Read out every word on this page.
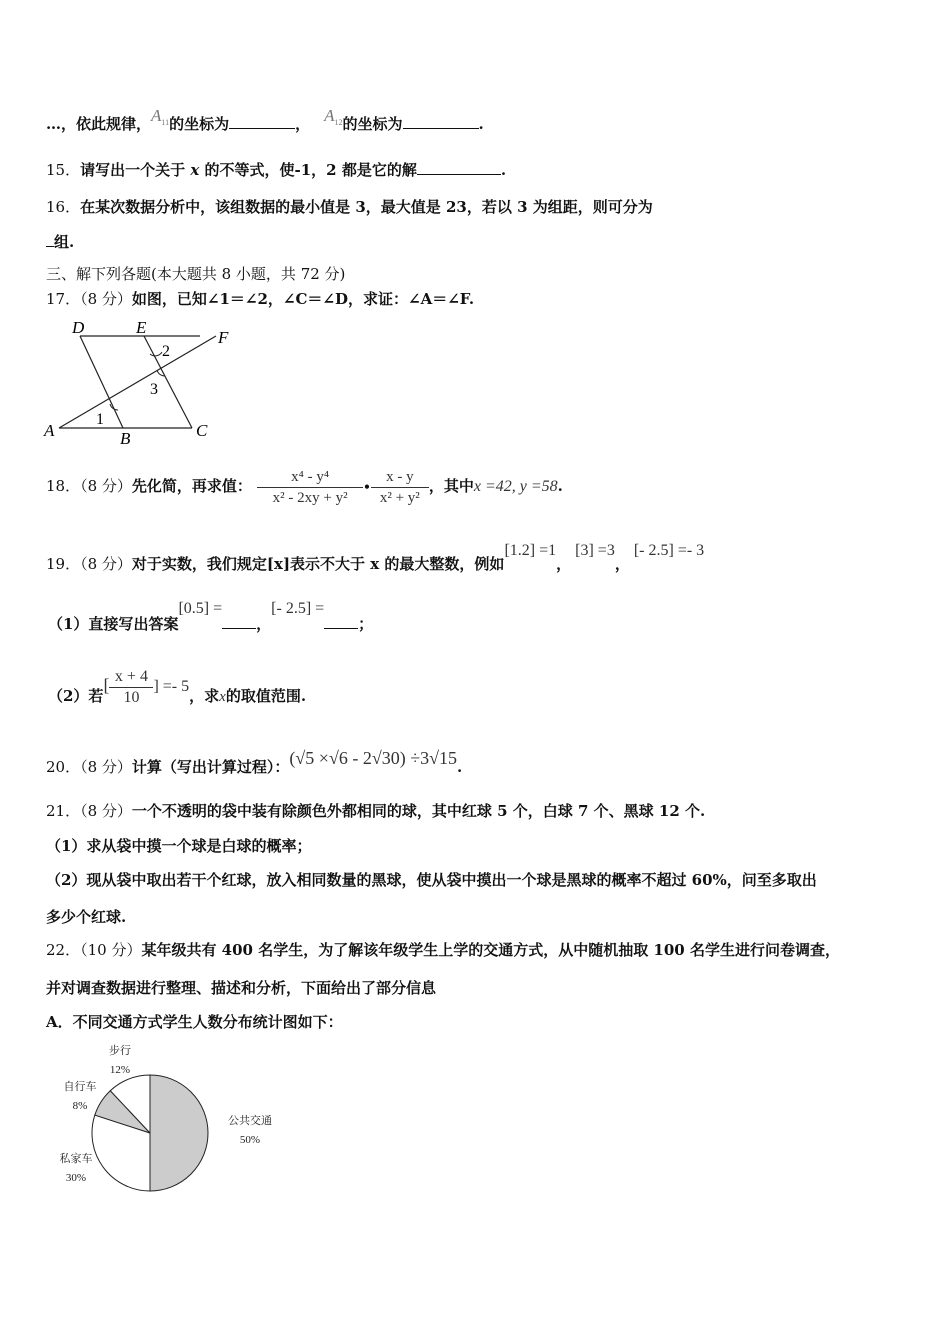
…，依此规律，$A^{11}$的坐标为	， $A^{12}$的坐标为	.
15．请写出一个关于 x 的不等式，使-1，2 都是它的解	.
16．在某次数据分析中，该组数据的最小值是 3，最大值是 23，若以 3 为组距，则可分为
组.
三、解下列各题(本大题共 8 小题，共 72 分)
17．（8 分）如图，已知∠1＝∠2，∠C＝∠D，求证：∠A＝∠F.
D	E
F
A	B	C
1
2
3
18．（8 分）先化简，再求值： $\frac{\text{x⁴ - y⁴}}{\text{x² - 2xy + y²}}$ • $\frac{x - y}{\text{x² + y²}}$ ，其中x =42, y =58.
19．（8 分）对于实数，我们规定[x]表示不大于 x 的最大整数，例如[1.2] =1，[3] =3，[- 2.5] =- 3
（1）直接写出答案[0.5] =，[- 2.5] =；
（2）若[ $\frac{x + 4}{10}$ ] =- 5，求x的取值范围.
20．（8 分）计算（写出计算过程）：(√5 ×√6 - 2√30) ÷3√15.
21．（8 分）一个不透明的袋中装有除颜色外都相同的球，其中红球 5 个，白球 7 个、黑球 12 个.
（1）求从袋中摸一个球是白球的概率；
（2）现从袋中取出若干个红球，放入相同数量的黑球，使从袋中摸出一个球是黑球的概率不超过 60%，问至多取出
多少个红球.
22．（10 分）某年级共有 400 名学生，为了解该年级学生上学的交通方式，从中随机抽取 100 名学生进行问卷调查，
并对调查数据进行整理、描述和分析，下面给出了部分信息
A．不同交通方式学生人数分布统计图如下：
公共交通
50%
私家车
30%
自行车
8%
步行
12%
